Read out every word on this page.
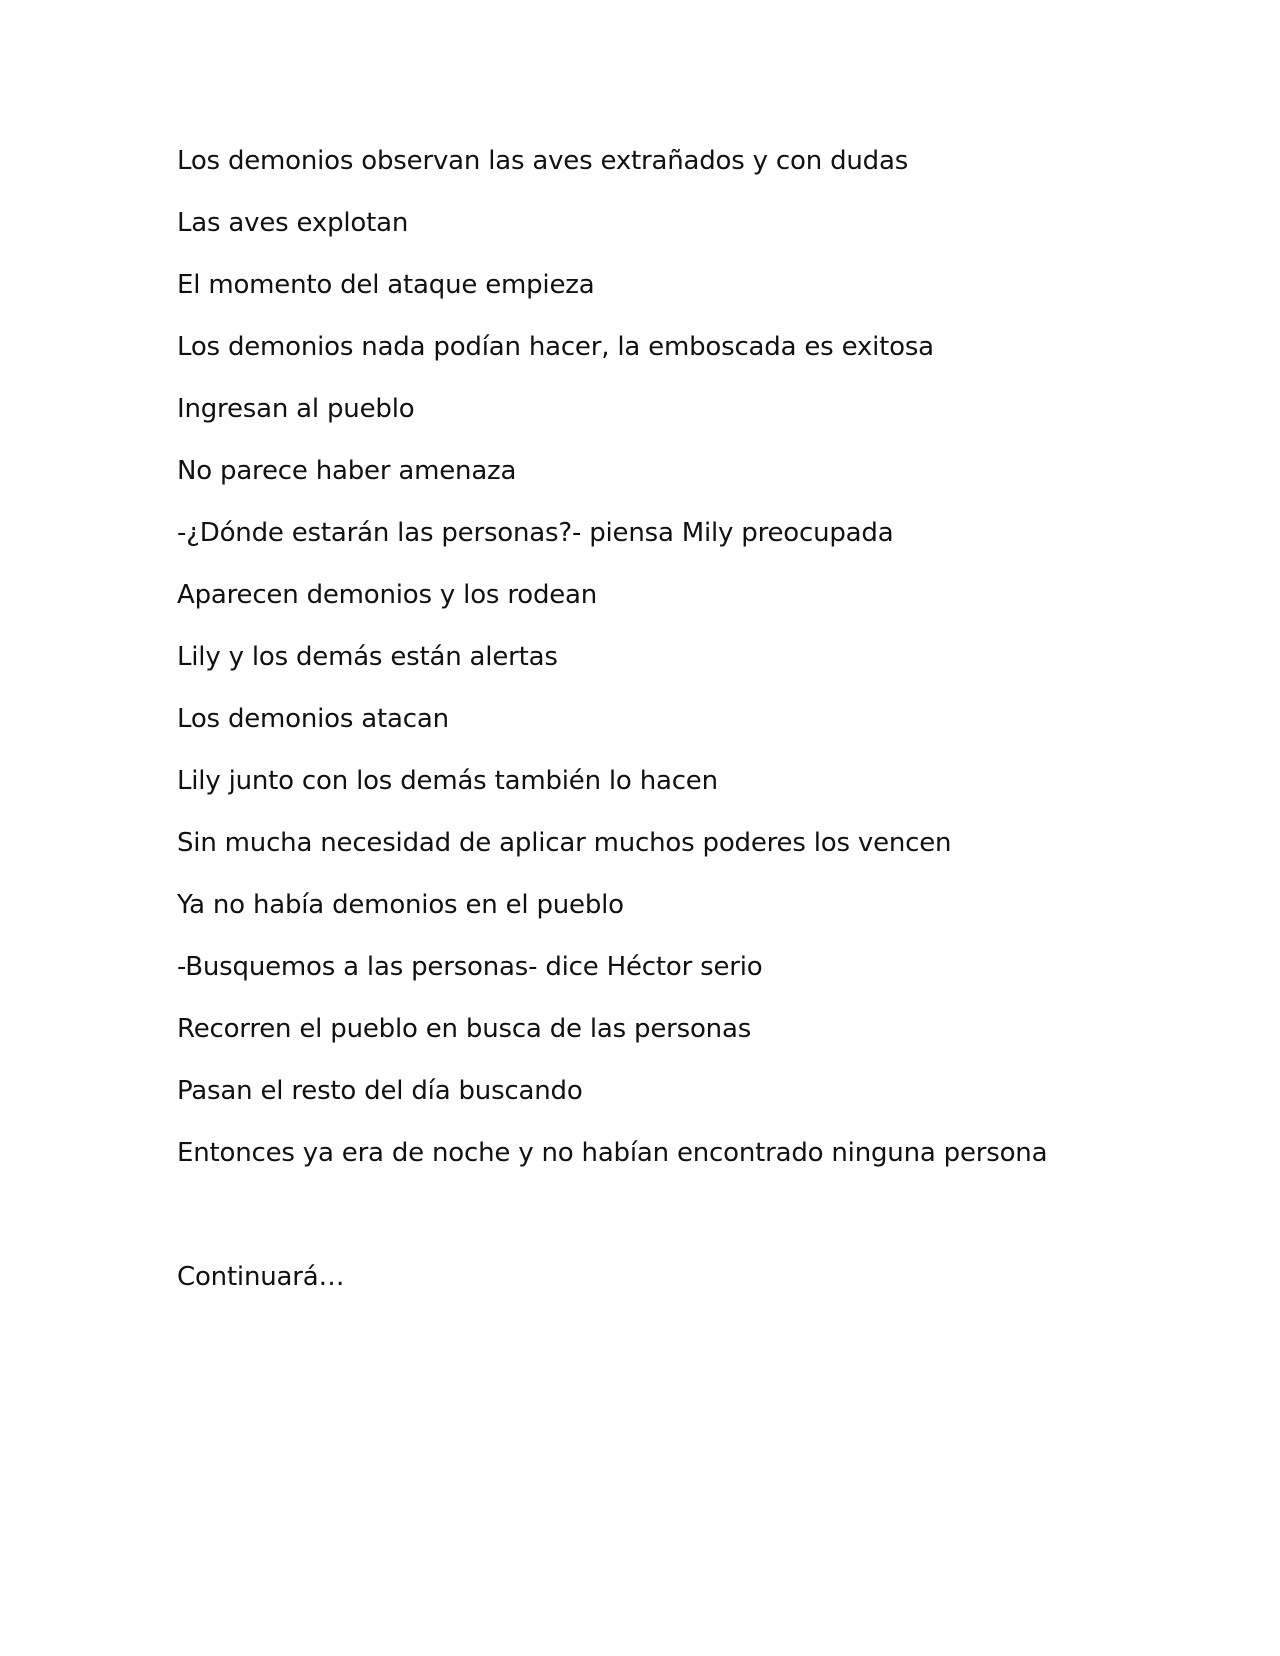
Los demonios observan las aves extrañados y con dudas

Las aves explotan

El momento del ataque empieza

Los demonios nada podían hacer, la emboscada es exitosa

Ingresan al pueblo

No parece haber amenaza

-¿Dónde estarán las personas?- piensa Mily preocupada

Aparecen demonios y los rodean

Lily y los demás están alertas

Los demonios atacan

Lily junto con los demás también lo hacen

Sin mucha necesidad de aplicar muchos poderes los vencen

Ya no había demonios en el pueblo

-Busquemos a las personas- dice Héctor serio

Recorren el pueblo en busca de las personas

Pasan el resto del día buscando

Entonces ya era de noche y no habían encontrado ninguna persona

Continuará…
